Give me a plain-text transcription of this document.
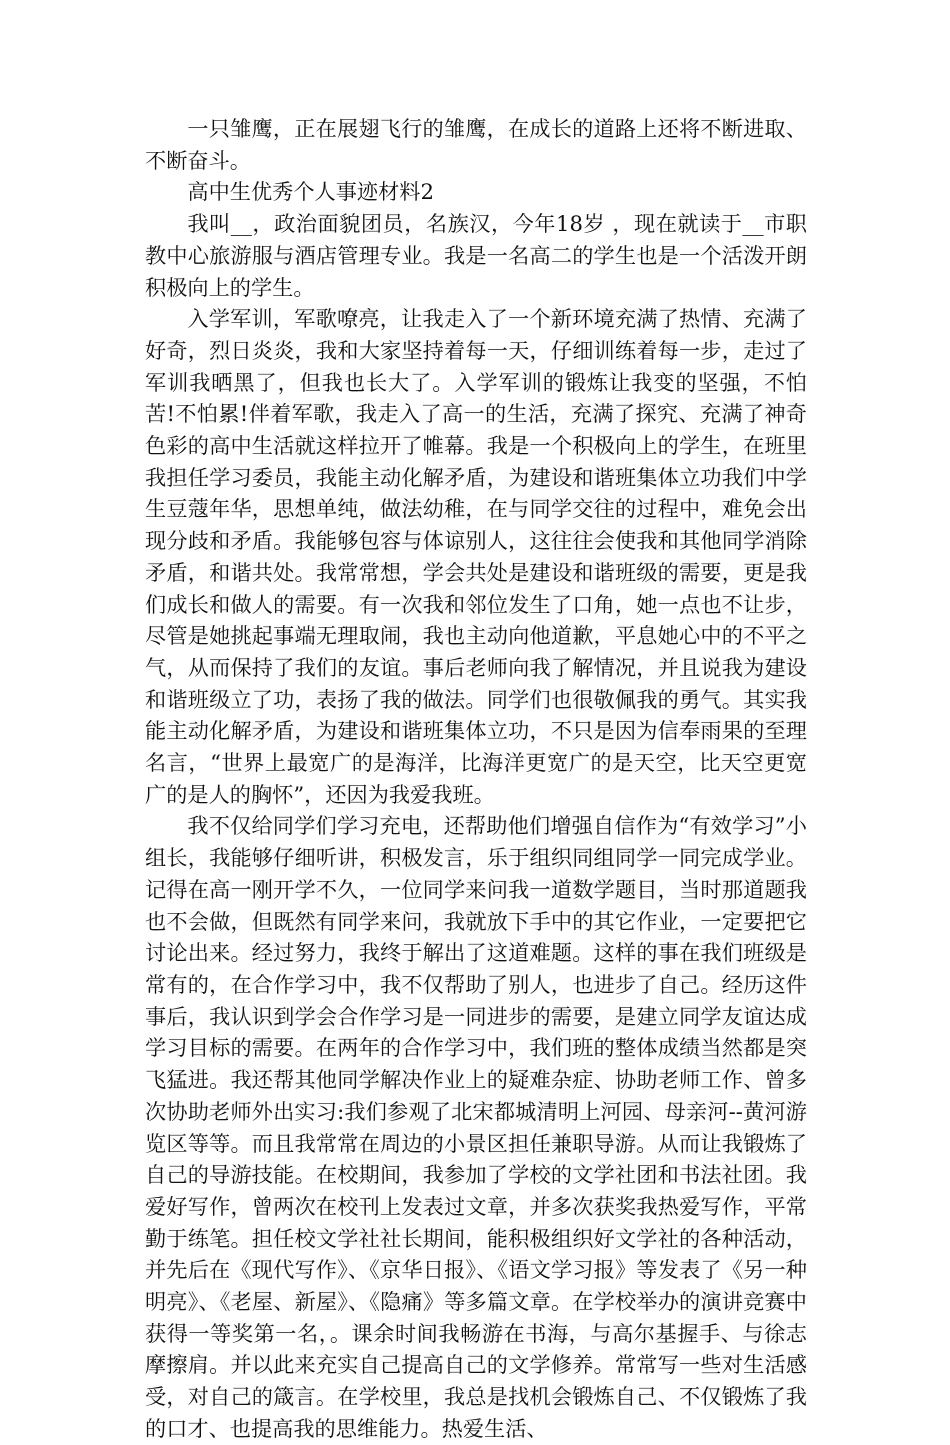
一只雏鹰，正在展翅飞行的雏鹰，在成长的道路上还将不断进取、不断奋斗。

高中生优秀个人事迹材料2

我叫__，政治面貌团员，名族汉，今年18岁 ，现在就读于__市职教中心旅游服与酒店管理专业。我是一名高二的学生也是一个活泼开朗积极向上的学生。

入学军训，军歌嘹亮，让我走入了一个新环境充满了热情、充满了好奇，烈日炎炎，我和大家坚持着每一天，仔细训练着每一步，走过了军训我晒黑了，但我也长大了。入学军训的锻炼让我变的坚强，不怕苦!不怕累!伴着军歌，我走入了高一的生活，充满了探究、充满了神奇色彩的高中生活就这样拉开了帷幕。我是一个积极向上的学生，在班里我担任学习委员，我能主动化解矛盾，为建设和谐班集体立功我们中学生豆蔻年华，思想单纯，做法幼稚，在与同学交往的过程中，难免会出现分歧和矛盾。我能够包容与体谅别人，这往往会使我和其他同学消除矛盾，和谐共处。我常常想，学会共处是建设和谐班级的需要，更是我们成长和做人的需要。有一次我和邻位发生了口角，她一点也不让步，尽管是她挑起事端无理取闹，我也主动向他道歉，平息她心中的不平之气，从而保持了我们的友谊。事后老师向我了解情况，并且说我为建设和谐班级立了功，表扬了我的做法。同学们也很敬佩我的勇气。其实我能主动化解矛盾，为建设和谐班集体立功，不只是因为信奉雨果的至理名言，“世界上最宽广的是海洋，比海洋更宽广的是天空，比天空更宽广的是人的胸怀”，还因为我爱我班。

我不仅给同学们学习充电，还帮助他们增强自信作为“有效学习”小组长，我能够仔细听讲，积极发言，乐于组织同组同学一同完成学业。记得在高一刚开学不久，一位同学来问我一道数学题目，当时那道题我也不会做，但既然有同学来问，我就放下手中的其它作业，一定要把它讨论出来。经过努力，我终于解出了这道难题。这样的事在我们班级是常有的，在合作学习中，我不仅帮助了别人，也进步了自己。经历这件事后，我认识到学会合作学习是一同进步的需要，是建立同学友谊达成学习目标的需要。在两年的合作学习中，我们班的整体成绩当然都是突飞猛进。我还帮其他同学解决作业上的疑难杂症、协助老师工作、曾多次协助老师外出实习:我们参观了北宋都城清明上河园、母亲河--黄河游览区等等。而且我常常在周边的小景区担任兼职导游。从而让我锻炼了自己的导游技能。在校期间，我参加了学校的文学社团和书法社团。我爱好写作，曾两次在校刊上发表过文章，并多次获奖我热爱写作，平常勤于练笔。担任校文学社社长期间，能积极组织好文学社的各种活动，并先后在《现代写作》、《京华日报》、《语文学习报》等发表了《另一种明亮》、《老屋、新屋》、《隐痛》等多篇文章。在学校举办的演讲竞赛中获得一等奖第一名，。课余时间我畅游在书海，与高尔基握手、与徐志摩擦肩。并以此来充实自己提高自己的文学修养。常常写一些对生活感受，对自己的箴言。在学校里，我总是找机会锻炼自己、不仅锻炼了我的口才、也提高我的思维能力。热爱生活、
